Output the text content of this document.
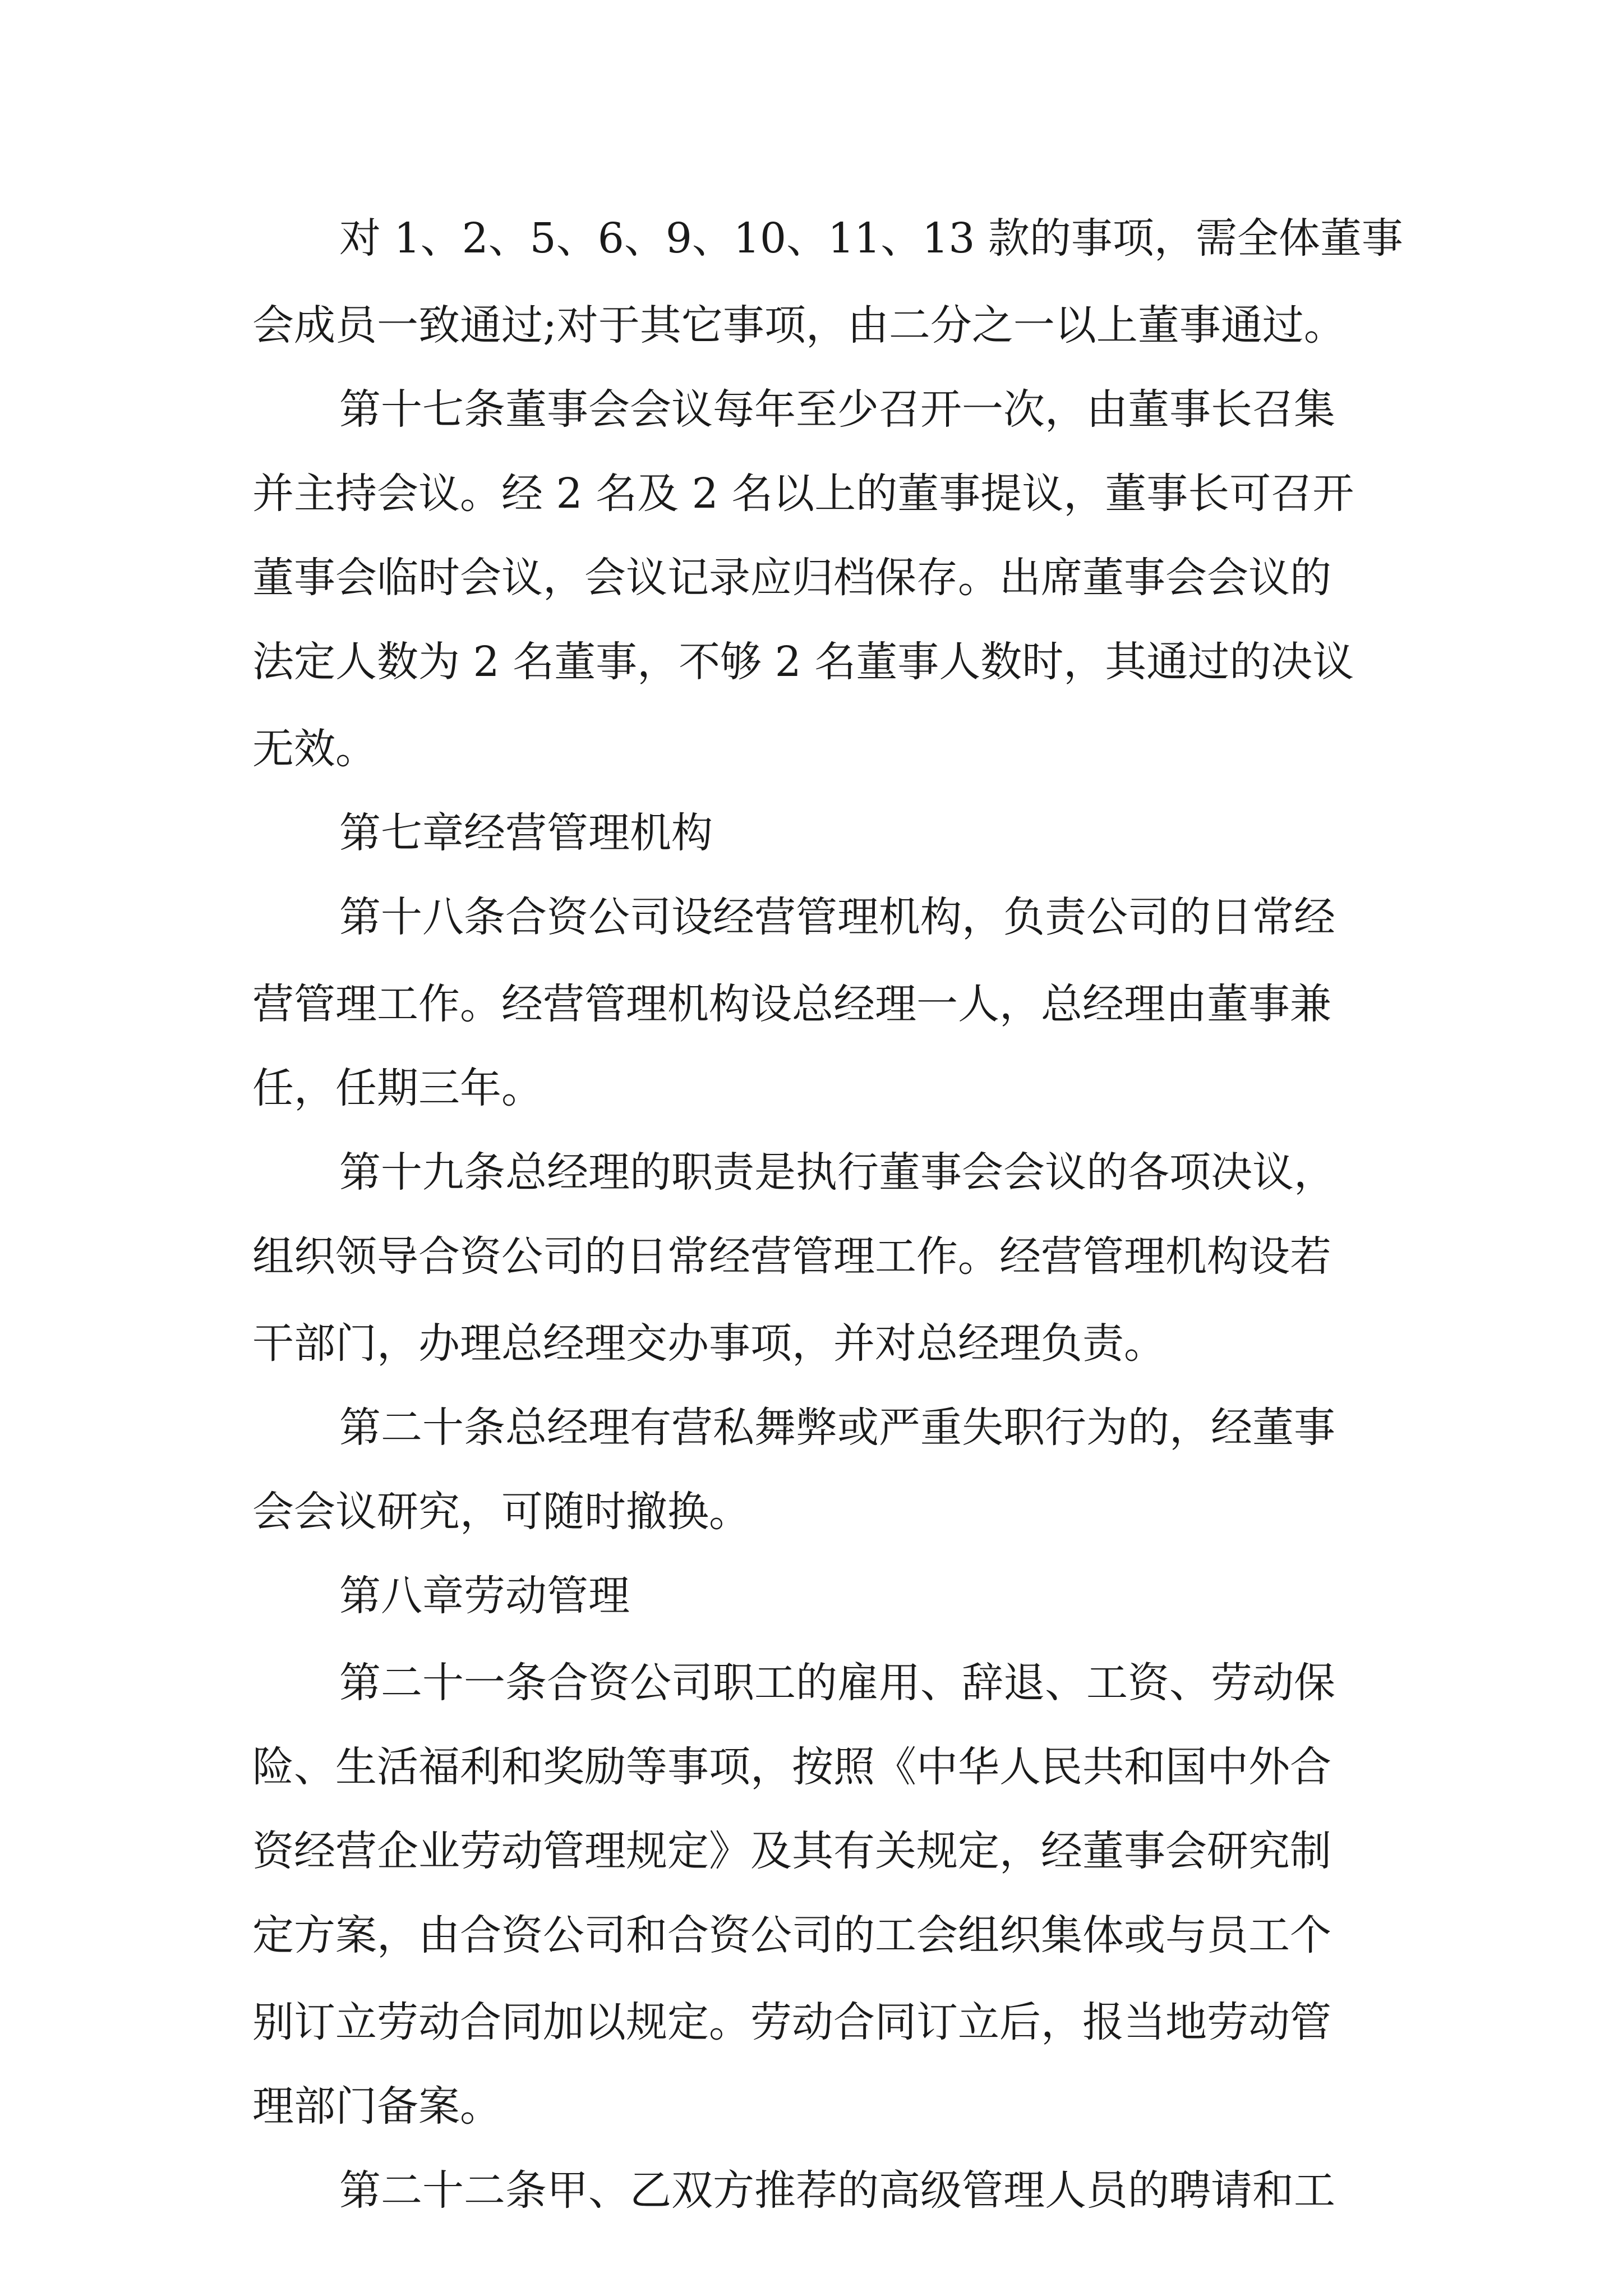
对 1、2、5、6、9、10、11、13 款的事项，需全体董事

会成员一致通过;对于其它事项，由二分之一以上董事通过。

第十七条董事会会议每年至少召开一次，由董事长召集

并主持会议。经 2 名及 2 名以上的董事提议，董事长可召开

董事会临时会议，会议记录应归档保存。出席董事会会议的

法定人数为 2 名董事，不够 2 名董事人数时，其通过的决议

无效。

第七章经营管理机构

第十八条合资公司设经营管理机构，负责公司的日常经

营管理工作。经营管理机构设总经理一人，总经理由董事兼

任，任期三年。

第十九条总经理的职责是执行董事会会议的各项决议，

组织领导合资公司的日常经营管理工作。经营管理机构设若

干部门，办理总经理交办事项，并对总经理负责。

第二十条总经理有营私舞弊或严重失职行为的，经董事

会会议研究，可随时撤换。

第八章劳动管理

第二十一条合资公司职工的雇用、辞退、工资、劳动保

险、生活福利和奖励等事项，按照《中华人民共和国中外合

资经营企业劳动管理规定》及其有关规定，经董事会研究制

定方案，由合资公司和合资公司的工会组织集体或与员工个

别订立劳动合同加以规定。劳动合同订立后，报当地劳动管

理部门备案。

第二十二条甲、乙双方推荐的高级管理人员的聘请和工
